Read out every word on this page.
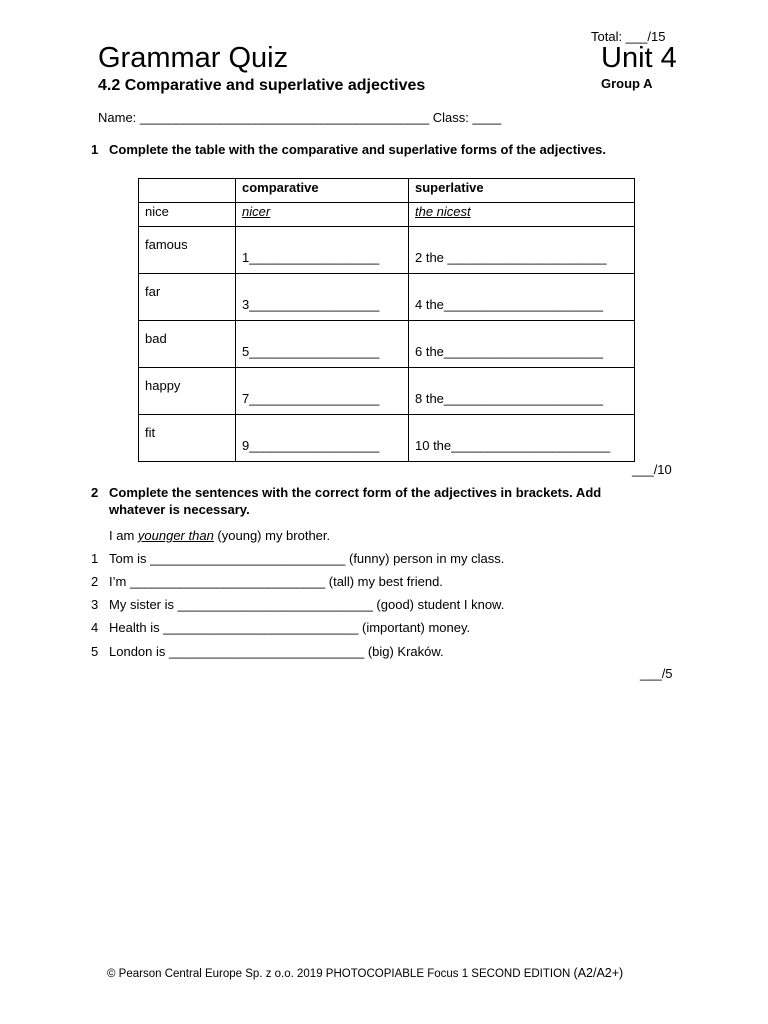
Total: ___/15
Grammar Quiz	Unit 4
4.2 Comparative and superlative adjectives	Group A
Name: ________________________________________ Class: ____
1 Complete the table with the comparative and superlative forms of the adjectives.
	comparative	superlative
nice	nicer	the nicest

famous	1__________________	2 the ______________________

far	3__________________	4 the______________________

bad	5__________________	6 the______________________

happy	7__________________	8 the______________________

fit	9__________________	10 the______________________
___/10
2 Complete the sentences with the correct form of the adjectives in brackets. Add
whatever is necessary.
I am younger than (young) my brother.
1 Tom is ___________________________ (funny) person in my class.
2 I’m ___________________________ (tall) my best friend.
3 My sister is ___________________________ (good) student I know.
4 Health is ___________________________ (important) money.
5 London is ___________________________ (big) Kraków.
___/5
© Pearson Central Europe Sp. z o.o. 2019 PHOTOCOPIABLE Focus 1 SECOND EDITION (A2/A2+)
